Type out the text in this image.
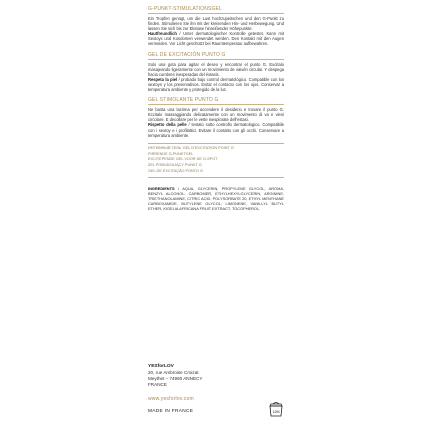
G-PUNKT-STIMULATIONSGEL

Ein Tropfen genügt, um die Lust hochzupeitschen und den G-Punkt zu finden. Stimulieren Sie ihn mit der kreisenden Hin- und Herbewegung. Und lassen Sie sich bis zur Ekstase hinreißender Höhepunkte.

Hautfreundlich / Unter dermatologischer Kontrolle getestet. Kann mit Sextoys und Kondomen verwendet werden. Den Kontakt mit den Augen vermeiden. Vor Licht geschützt bei Raumtemperatur aufbewahren.

GEL DE EXCITACIÓN PUNTO G

Solo una gota para agitar el deseo y encontrar el punto G. Excítalo masajeando ligeramente con un movimiento de vaivén circular. Y despega hacia cumbres inesperadas del éxtasis.

Respeta la piel / probado bajo control dermatológico. Compatible con los sextoys y los preservativos. Evitar el contacto con los ojos. Conservar a temperatura ambiente y protegido de la luz.

GEL STIMOLANTE PUNTO G

Ne basta una lacrima per accendere il desiderio e trovare il punto G. Eccitalo massaggiando delicatamente con un movimento di va e vieni circolare. E decollare per le vette inesplorate dell'estasi.

Rispetto della pelle / testato sotto controllo dermatologico. Compatibile con i sextoy e i profilattici. Evitare il contatto con gli occhi. Conservare a temperatura ambiente.

ИНТИМНЫЙ ГЕЛЬ 'GEL D'EXCITATION POINT G'

PIRRENDE G-PUNKTGEL

EXCITЕРENDE GEL VOOR DE G-SPOT

ŻEL POBUDZAJĄCY PUNKT G

GEL DE EXCITAÇÃO PONTO G

INGREDIENTS / AQUA, GLYCERIN, PROPYLENE GLYCOL, AROMA, BENZYL ALCOHOL, CARBOMER, ETHYLHEXYLGLYCERIN, ARGININE, TRIETHANOLAMINE, CITRIC ACID, POLYSORBATE 20, ETHYL MENTHANE CARBOXAMIDE, BUTYLENE GLYCOL, LIMONENE, VANILLYL BUTYL ETHER, KIGELIA AFRICANA FRUIT EXTRACT, TOCOPHEROL.

YESforLOV

20, rue Ambroise Croizat

Meythet – 74960 ANNECY

FRANCE

www.yesforlov.com
MADE IN FRANCE	12M
